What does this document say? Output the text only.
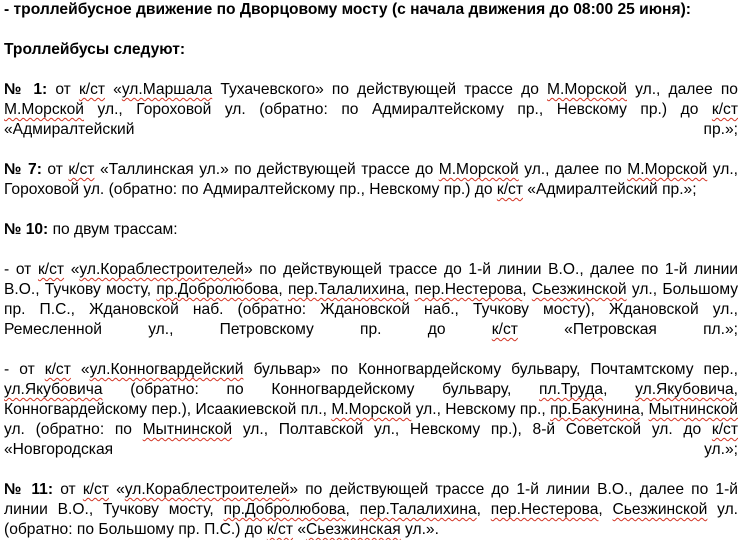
- троллейбусное движение по Дворцовому мосту (с начала движения до 08:00 25 июня):

Троллейбусы следуют:

№ 1: от к/ст «ул.Маршала Тухачевского» по действующей трассе до М.Морской ул., далее по М.Морской ул., Гороховой ул. (обратно: по Адмиралтейскому пр., Невскому пр.) до к/ст «Адмиралтейский	пр.»;

№ 7: от к/ст «Таллинская ул.» по действующей трассе до М.Морской ул., далее по М.Морской ул., Гороховой ул. (обратно: по Адмиралтейскому пр., Невскому пр.) до к/ст «Адмиралтейский пр.»;

№ 10: по двум трассам:

- от к/ст «ул.Кораблестроителей» по действующей трассе до 1-й линии В.О., далее по 1-й линии В.О., Тучкову мосту, пр.Добролюбова, пер.Талалихина, пер.Нестерова, Сьезжинской ул., Большому пр. П.С., Ждановской наб. (обратно: Ждановской наб., Тучкову мосту), Ждановской ул., Ремесленной ул., Петровскому пр. до к/ст «Петровская пл.»;

- от к/ст «ул.Конногвардейский бульвар» по Конногвардейскому бульвару, Почтамтскому пер., ул.Якубовича (обратно: по Конногвардейскому бульвару, пл.Труда, ул.Якубовича, Конногвардейскому пер.), Исаакиевской пл., М.Морской ул., Невскому пр., пр.Бакунина, Мытнинской ул. (обратно: по Мытнинской ул., Полтавской ул., Невскому пр.), 8-й Советской ул. до к/ст «Новгородская ул.»;

№ 11: от к/ст «ул.Кораблестроителей» по действующей трассе до 1-й линии В.О., далее по 1-й линии В.О., Тучкову мосту, пр.Добролюбова, пер.Талалихина, пер.Нестерова, Сьезжинской ул. (обратно: по Большому пр. П.С.) до к/ст «Сьезжинская ул.».
